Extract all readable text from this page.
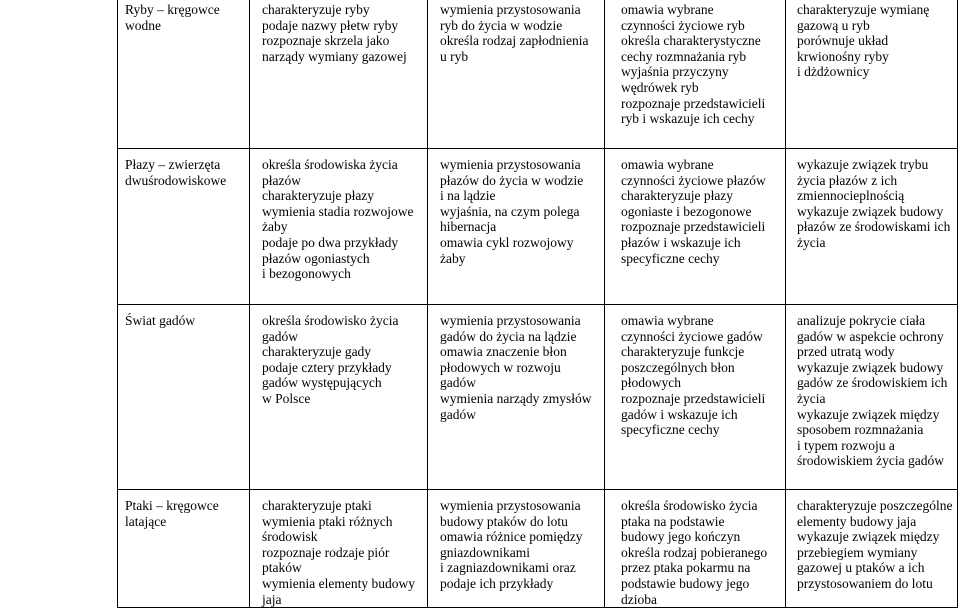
Ryby – kręgowce
wodne
charakteryzuje ryby
podaje nazwy płetw ryby
rozpoznaje skrzela jako
narządy wymiany gazowej
wymienia przystosowania
ryb do życia w wodzie
określa rodzaj zapłodnienia
u ryb
omawia wybrane
czynności życiowe ryb
określa charakterystyczne
cechy rozmnażania ryb
wyjaśnia przyczyny
wędrówek ryb
rozpoznaje przedstawicieli
ryb i wskazuje ich cechy
charakteryzuje wymianę
gazową u ryb
porównuje układ
krwionośny ryby
i dżdżownicy
Płazy – zwierzęta
dwuśrodowiskowe
określa środowiska życia
płazów
charakteryzuje płazy
wymienia stadia rozwojowe
żaby
podaje po dwa przykłady
płazów ogoniastych
i bezogonowych
wymienia przystosowania
płazów do życia w wodzie
i na lądzie
wyjaśnia, na czym polega
hibernacja
omawia cykl rozwojowy
żaby
omawia wybrane
czynności życiowe płazów
charakteryzuje płazy
ogoniaste i bezogonowe
rozpoznaje przedstawicieli
płazów i wskazuje ich
specyficzne cechy
wykazuje związek trybu
życia płazów z ich
zmiennocieplnością
wykazuje związek budowy
płazów ze środowiskami ich
życia
Świat gadów	określa środowisko życia
gadów
charakteryzuje gady
podaje cztery przykłady
gadów występujących
w Polsce
wymienia przystosowania
gadów do życia na lądzie
omawia znaczenie błon
płodowych w rozwoju
gadów
wymienia narządy zmysłów
gadów
omawia wybrane
czynności życiowe gadów
charakteryzuje funkcje
poszczególnych błon
płodowych
rozpoznaje przedstawicieli
gadów i wskazuje ich
specyficzne cechy
analizuje pokrycie ciała
gadów w aspekcie ochrony
przed utratą wody
wykazuje związek budowy
gadów ze środowiskiem ich
życia
wykazuje związek między
sposobem rozmnażania
i typem rozwoju a
środowiskiem życia gadów
Ptaki – kręgowce
latające
charakteryzuje ptaki
wymienia ptaki różnych
środowisk
rozpoznaje rodzaje piór
ptaków
wymienia elementy budowy
jaja
wymienia przystosowania
budowy ptaków do lotu
omawia różnice pomiędzy
gniazdownikami
i zagniazdownikami oraz
podaje ich przykłady
określa środowisko życia
ptaka na podstawie
budowy jego kończyn
określa rodzaj pobieranego
przez ptaka pokarmu na
podstawie budowy jego
dzioba
charakteryzuje poszczególne
elementy budowy jaja
wykazuje związek między
przebiegiem wymiany
gazowej u ptaków a ich
przystosowaniem do lotu
